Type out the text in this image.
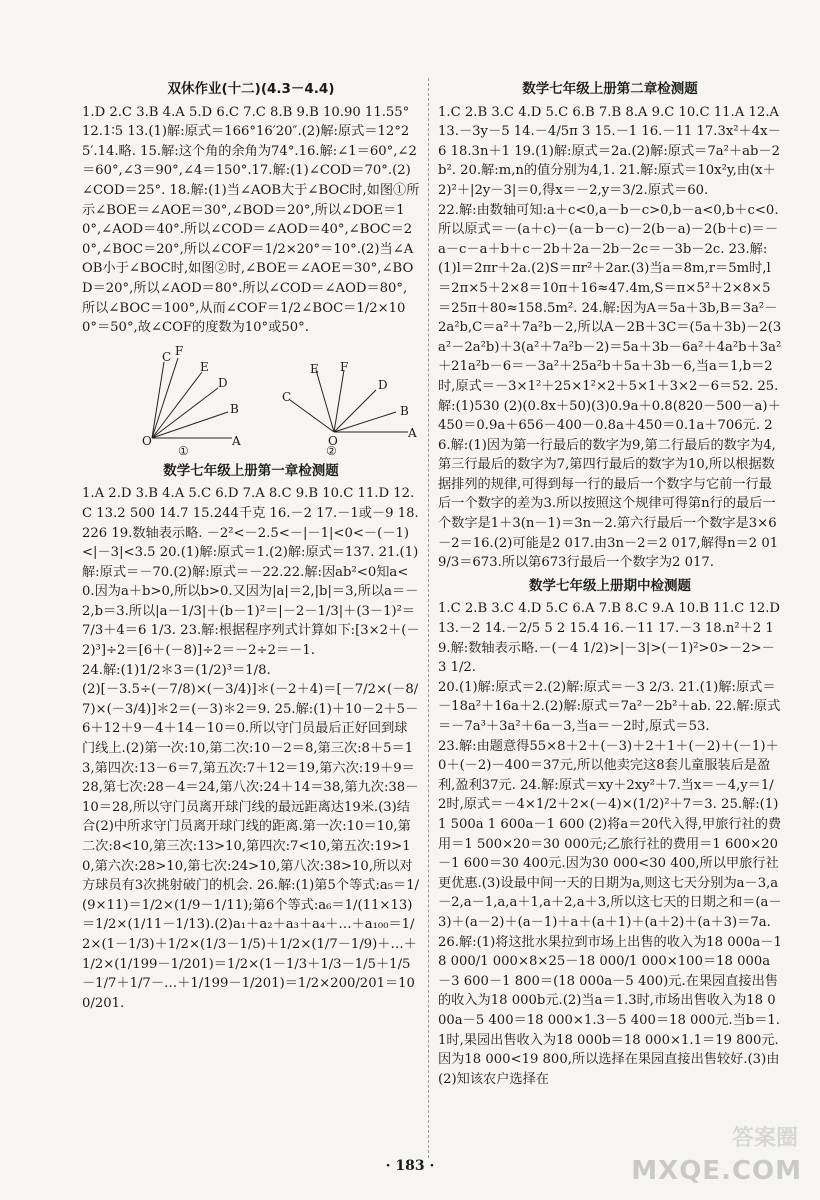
双休作业(十二)(4.3－4.4)

1.D 2.C 3.B 4.A 5.D 6.C 7.C 8.B 9.B 10.90 11.55° 12.1∶5 13.(1)解:原式＝166°16′20″.(2)解:原式＝12°25′.14.略. 15.解:这个角的余角为74°.16.解:∠1＝60°,∠2＝60°,∠3＝90°,∠4＝150°.17.解:(1)∠COD＝70°.(2)∠COD＝25°. 18.解:(1)当∠AOB大于∠BOC时,如图①所示∠BOE＝∠AOE＝30°,∠BOD＝20°,所以∠DOE＝10°,∠AOD＝40°.所以∠COD＝∠AOD＝40°,∠BOC＝20°,∠BOC＝20°,所以∠COF＝1/2×20°＝10°.(2)当∠AOB小于∠BOC时,如图②时,∠BOE＝∠AOE＝30°,∠BOD＝20°,所以∠AOD＝80°.所以∠COD＝∠AOD＝80°,所以∠BOC＝100°,从而∠COF＝1/2∠BOC＝1/2×100°＝50°,故∠COF的度数为10°或50°.

C F
E
D
B
O	A
①
E F
D
C
B
A
O
②
数学七年级上册第一章检测题

1.A 2.D 3.B 4.A 5.C 6.D 7.A 8.C 9.B 10.C 11.D 12.C 13.2 500 14.7 15.244千克 16.－2 17.－1或－9 18.226 19.数轴表示略. －2²<－2.5<－|－1|<0<－(－1)<|－3|<3.5 20.(1)解:原式＝1.(2)解:原式＝137. 21.(1)解:原式＝－70.(2)解:原式＝－22.22.解:因ab²<0知a<0.因为a＋b>0,所以b>0.又因为|a|＝2,|b|＝3,所以a＝－2,b＝3.所以|a－1/3|＋(b－1)²＝|－2－1/3|＋(3－1)²＝7/3＋4＝6 1/3. 23.解:根据程序列式计算如下:[3×2＋(－2)³]÷2＝[6＋(－8)]÷2＝－2÷2＝－1.

24.解:(1)1/2＊3＝(1/2)³＝1/8.

(2)[－3.5÷(－7/8)×(－3/4)]＊(－2＋4)＝[－7/2×(－8/7)×(－3/4)]＊2＝(－3)＊2＝9. 25.解:(1)＋10－2＋5－6＋12＋9－4＋14－10＝0.所以守门员最后正好回到球门线上.(2)第一次:10,第二次:10－2＝8,第三次:8＋5＝13,第四次:13－6＝7,第五次:7＋12＝19,第六次:19＋9＝28,第七次:28－4＝24,第八次:24＋14＝38,第九次:38－10＝28,所以守门员离开球门线的最远距离达19米.(3)结合(2)中所求守门员离开球门线的距离.第一次:10＝10,第二次:8<10,第三次:13>10,第四次:7<10,第五次:19>10,第六次:28>10,第七次:24>10,第八次:38>10,所以对方球员有3次挑射破门的机会. 26.解:(1)第5个等式:a₅＝1/(9×11)＝1/2×(1/9－1/11);第6个等式:a₆＝1/(11×13)＝1/2×(1/11－1/13).(2)a₁＋a₂＋a₃＋a₄＋…＋a₁₀₀＝1/2×(1－1/3)＋1/2×(1/3－1/5)＋1/2×(1/7－1/9)＋…＋1/2×(1/199－1/201)＝1/2×(1－1/3＋1/3－1/5＋1/5－1/7＋1/7－…＋1/199－1/201)＝1/2×200/201＝100/201.

数学七年级上册第二章检测题

1.C 2.B 3.C 4.D 5.C 6.B 7.B 8.A 9.C 10.C 11.A 12.A 13.－3y－5 14.－4/5π 3 15.－1 16.－11 17.3x²＋4x－6 18.3n＋1 19.(1)解:原式＝2a.(2)解:原式＝7a²＋ab－2b². 20.解:m,n的值分别为4,1. 21.解:原式＝10x²y,由(x＋2)²＋|2y－3|＝0,得x＝－2,y＝3/2.原式＝60.

22.解:由数轴可知:a＋c<0,a－b－c>0,b－a<0,b＋c<0.所以原式＝－(a＋c)－(a－b－c)－2(b－a)－2(b＋c)＝－a－c－a＋b＋c－2b＋2a－2b－2c＝－3b－2c. 23.解:(1)l＝2πr＋2a.(2)S＝πr²＋2ar.(3)当a＝8m,r＝5m时,l＝2π×5＋2×8＝10π＋16≈47.4m,S＝π×5²＋2×8×5＝25π＋80≈158.5m². 24.解:因为A＝5a＋3b,B＝3a²－2a²b,C＝a²＋7a²b－2,所以A－2B＋3C＝(5a＋3b)－2(3a²－2a²b)＋3(a²＋7a²b－2)＝5a＋3b－6a²＋4a²b＋3a²＋21a²b－6＝－3a²＋25a²b＋5a＋3b－6,当a＝1,b＝2时,原式＝－3×1²＋25×1²×2＋5×1＋3×2－6＝52. 25.解:(1)530 (2)(0.8x＋50)(3)0.9a＋0.8(820－500－a)＋450＝0.9a＋656－400－0.8a＋450＝0.1a＋706元. 26.解:(1)因为第一行最后的数字为9,第二行最后的数字为4,第三行最后的数字为7,第四行最后的数字为10,所以根据数据排列的规律,可得到每一行的最后一个数字与它前一行最后一个数字的差为3.所以按照这个规律可得第n行的最后一个数字是1＋3(n－1)＝3n－2.第六行最后一个数字是3×6－2＝16.(2)可能是2 017.由3n－2＝2 017,解得n＝2 019/3＝673.所以第673行最后一个数字为2 017.

数学七年级上册期中检测题

1.C 2.B 3.C 4.D 5.C 6.A 7.B 8.C 9.A 10.B 11.C 12.D 13.－2 14.－2/5 5 2 15.4 16.－11 17.－3 18.n²＋2 19.解:数轴表示略.－(－4 1/2)>|－3|>(－1)²>0>－2>－3 1/2.

20.(1)解:原式＝2.(2)解:原式＝－3 2/3. 21.(1)解:原式＝－18a²＋16a＋2.(2)解:原式＝7a²－2b²＋ab. 22.解:原式＝－7a³＋3a²＋6a－3,当a＝－2时,原式＝53.

23.解:由题意得55×8＋2＋(－3)＋2＋1＋(－2)＋(－1)＋0＋(－2)－400＝37元,所以他卖完这8套儿童服装后是盈利,盈利37元. 24.解:原式＝xy＋2xy²＋7.当x＝－4,y＝1/2时,原式＝－4×1/2＋2×(－4)×(1/2)²＋7＝3. 25.解:(1)1 500a 1 600a－1 600 (2)将a＝20代入得,甲旅行社的费用＝1 500×20＝30 000元;乙旅行社的费用＝1 600×20－1 600＝30 400元.因为30 000<30 400,所以甲旅行社更优惠.(3)设最中间一天的日期为a,则这七天分别为a－3,a－2,a－1,a,a＋1,a＋2,a＋3,所以这七天的日期之和＝(a－3)＋(a－2)＋(a－1)＋a＋(a＋1)＋(a＋2)＋(a＋3)＝7a. 26.解:(1)将这批水果拉到市场上出售的收入为18 000a－18 000/1 000×8×25－18 000/1 000×100＝18 000a－3 600－1 800＝(18 000a－5 400)元.在果园直接出售的收入为18 000b元.(2)当a＝1.3时,市场出售收入为18 000a－5 400＝18 000×1.3－5 400＝18 000元.当b＝1.1时,果园出售收入为18 000b＝18 000×1.1＝19 800元.因为18 000<19 800,所以选择在果园直接出售较好.(3)由(2)知该农户选择在

· 183 ·
答案圈
MXQE.COM
